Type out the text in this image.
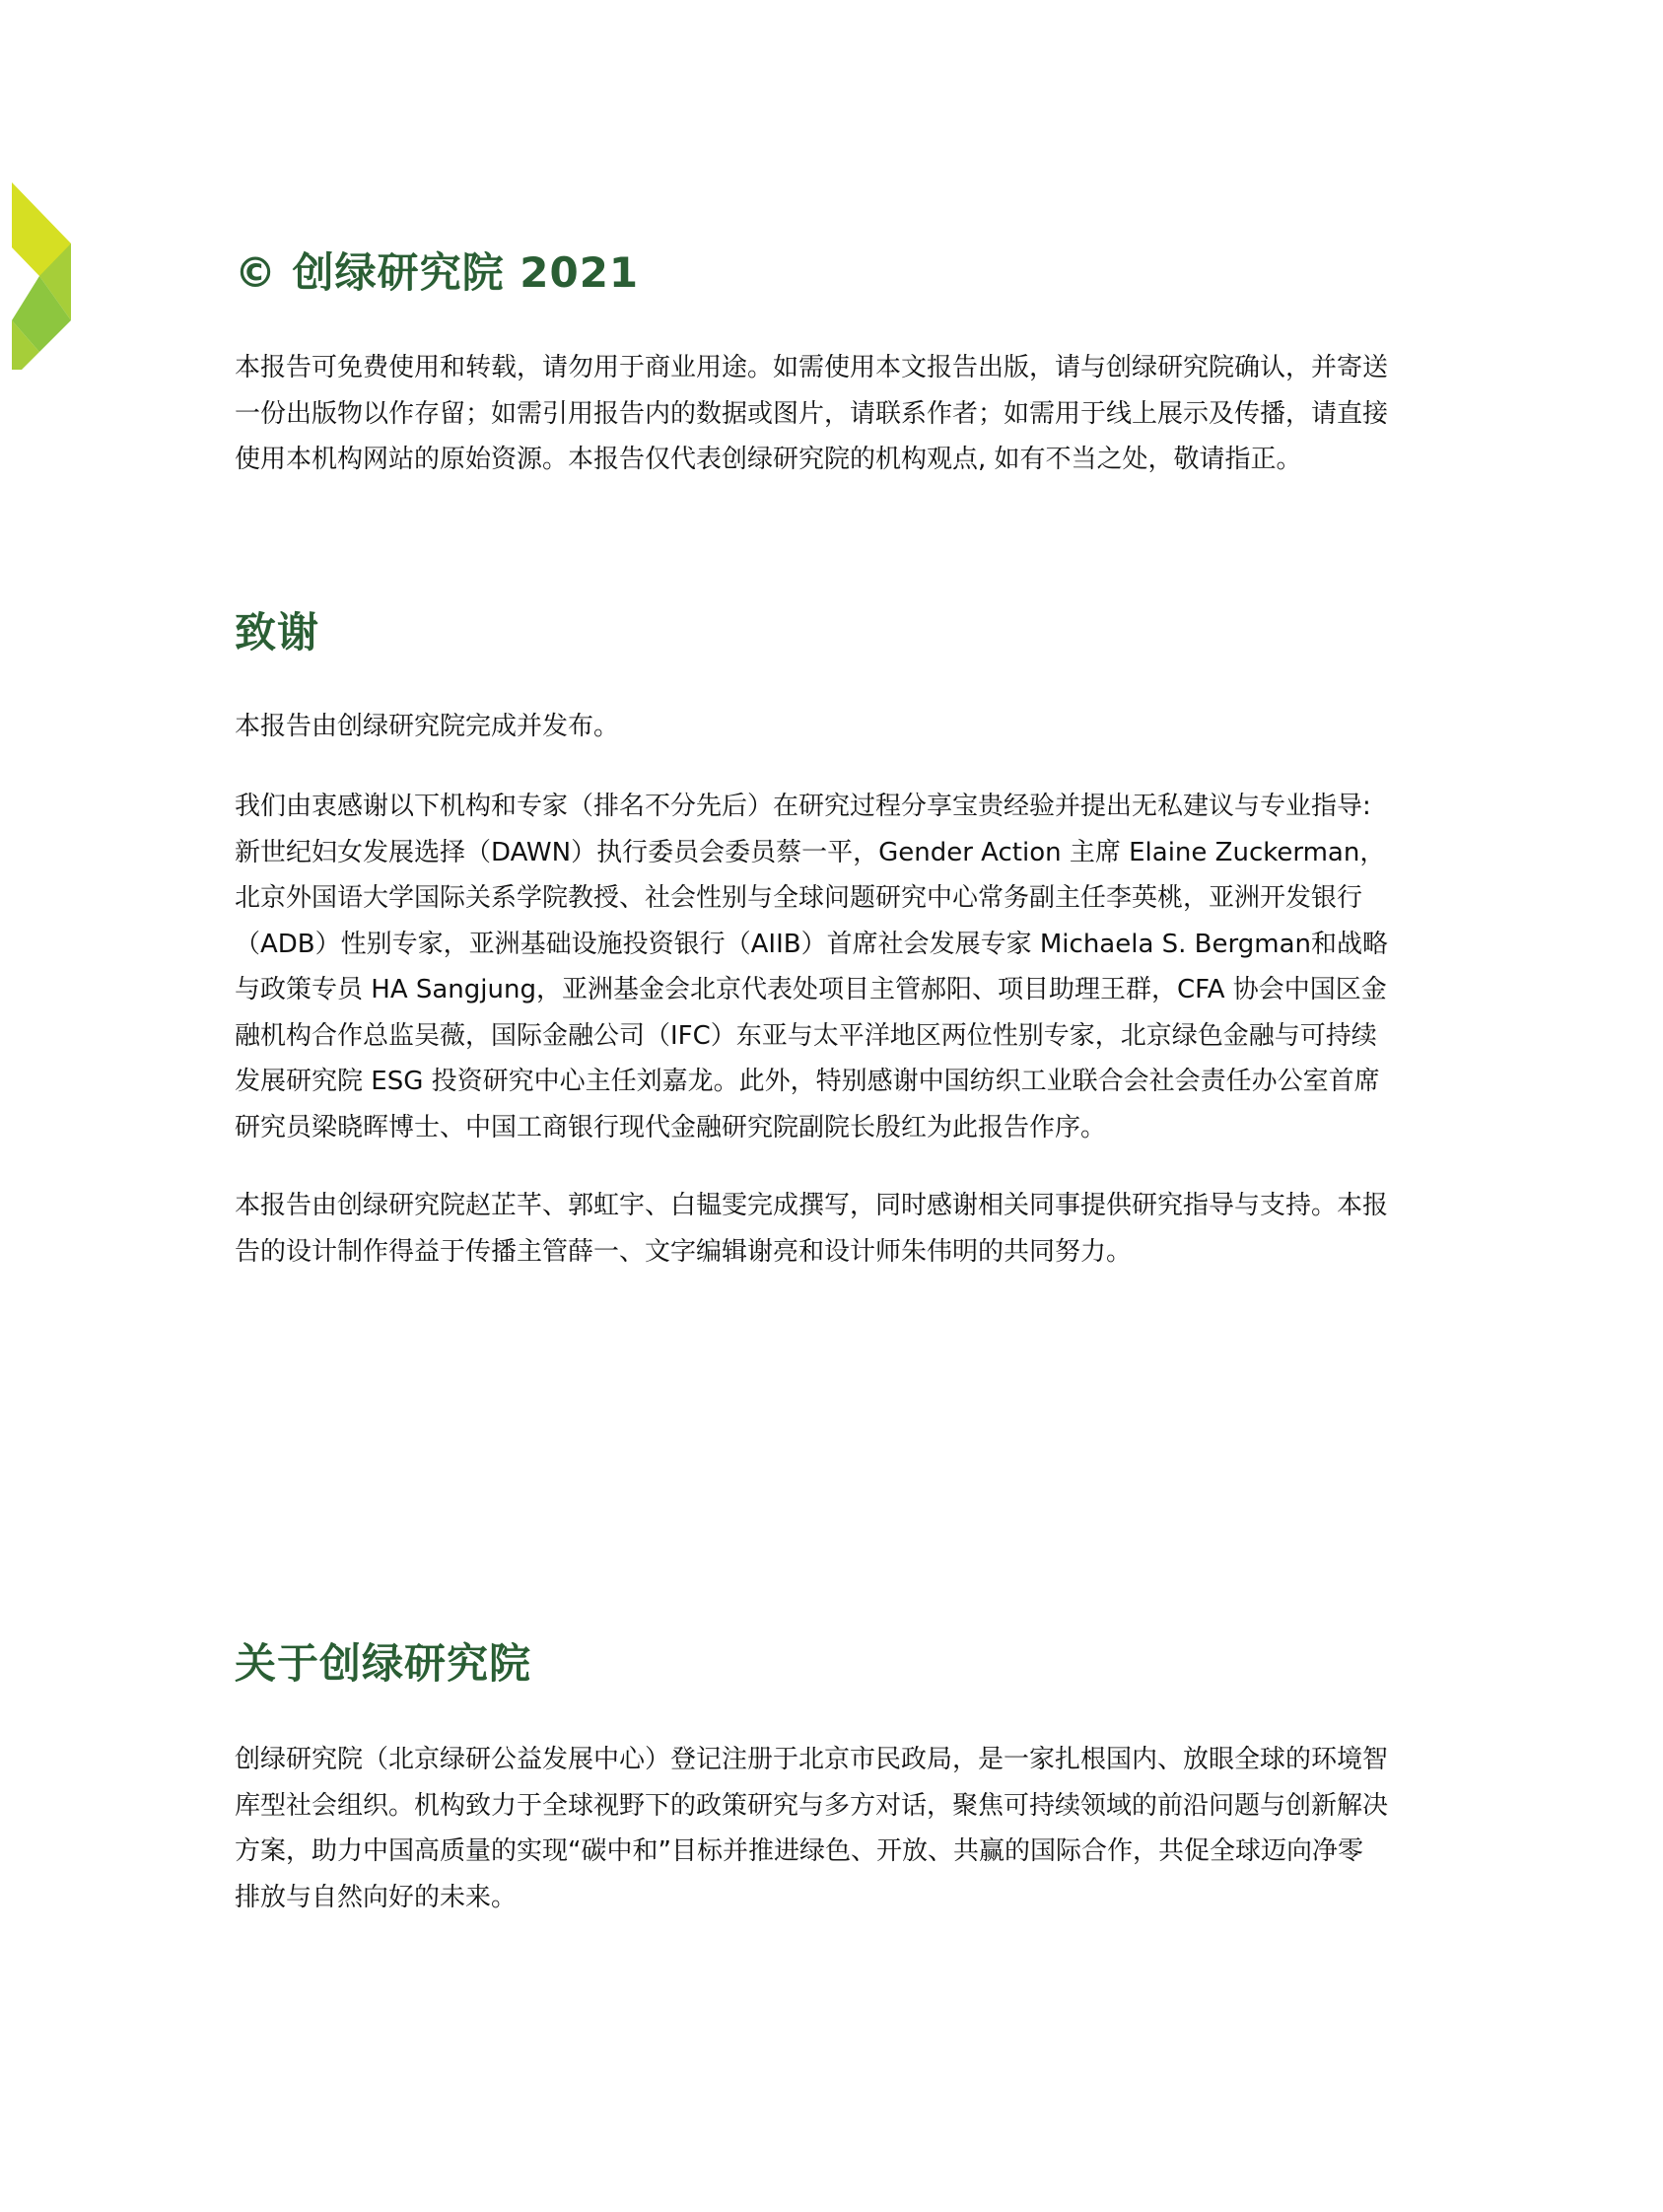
© 创绿研究院 2021
本报告可免费使用和转载，请勿用于商业用途。如需使用本文报告出版，请与创绿研究院确认，并寄送
一份出版物以作存留；如需引用报告内的数据或图片，请联系作者；如需用于线上展示及传播，请直接
使用本机构网站的原始资源。本报告仅代表创绿研究院的机构观点, 如有不当之处，敬请指正。
致谢
本报告由创绿研究院完成并发布。
我们由衷感谢以下机构和专家（排名不分先后）在研究过程分享宝贵经验并提出无私建议与专业指导:
新世纪妇女发展选择（DAWN）执行委员会委员蔡一平，Gender Action 主席 Elaine Zuckerman，
北京外国语大学国际关系学院教授、社会性别与全球问题研究中心常务副主任李英桃，亚洲开发银行
（ADB）性别专家，亚洲基础设施投资银行（AIIB）首席社会发展专家 Michaela S. Bergman和战略
与政策专员 HA Sangjung，亚洲基金会北京代表处项目主管郝阳、项目助理王群，CFA 协会中国区金
融机构合作总监吴薇，国际金融公司（IFC）东亚与太平洋地区两位性别专家，北京绿色金融与可持续
发展研究院 ESG 投资研究中心主任刘嘉龙。此外，特别感谢中国纺织工业联合会社会责任办公室首席
研究员梁晓晖博士、中国工商银行现代金融研究院副院长殷红为此报告作序。
本报告由创绿研究院赵芷芊、郭虹宇、白韫雯完成撰写，同时感谢相关同事提供研究指导与支持。本报
告的设计制作得益于传播主管薛一、文字编辑谢亮和设计师朱伟明的共同努力。
关于创绿研究院
创绿研究院（北京绿研公益发展中心）登记注册于北京市民政局，是一家扎根国内、放眼全球的环境智
库型社会组织。机构致力于全球视野下的政策研究与多方对话，聚焦可持续领域的前沿问题与创新解决
方案，助力中国高质量的实现“碳中和”目标并推进绿色、开放、共赢的国际合作，共促全球迈向净零
排放与自然向好的未来。
